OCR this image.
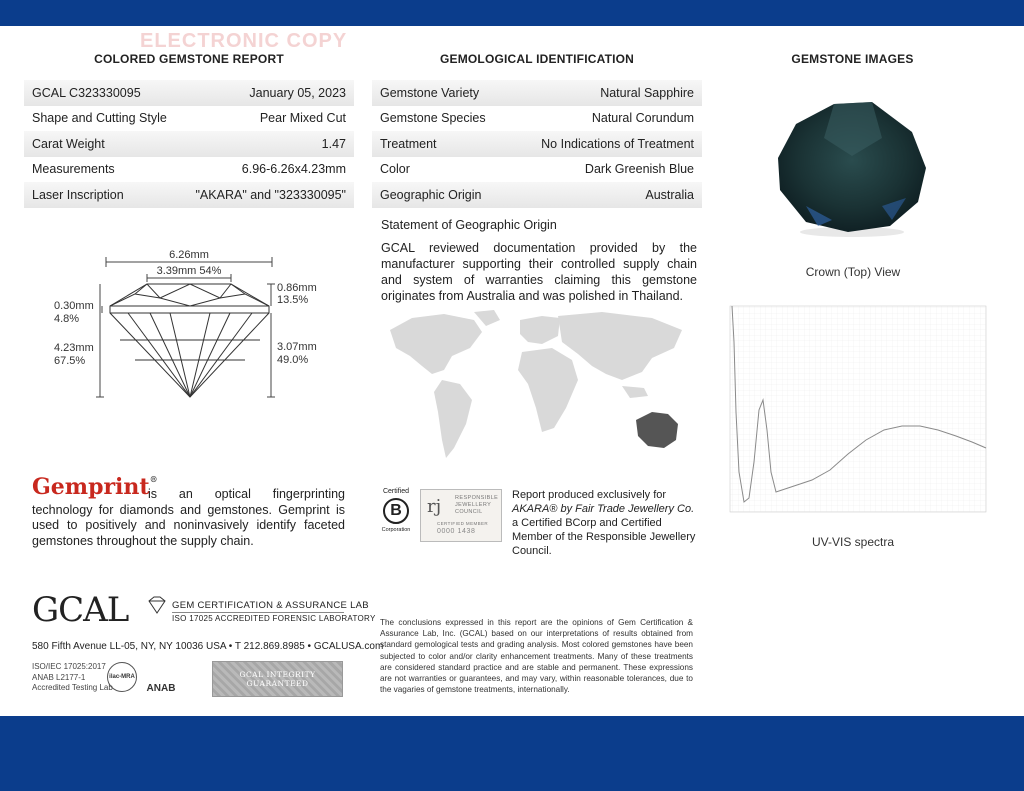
ELECTRONIC COPY
COLORED GEMSTONE REPORT	GEMOLOGICAL IDENTIFICATION	GEMSTONE IMAGES
GCAL C323330095	January 05, 2023
Shape and Cutting Style	Pear Mixed Cut
Carat Weight	1.47
Measurements	6.96-6.26x4.23mm
Laser Inscription	"AKARA" and "323330095"
Gemstone Variety	Natural Sapphire
Gemstone Species	Natural Corundum
Treatment	No Indications of Treatment
Color	Dark Greenish Blue
Geographic Origin	Australia
6.26mm
3.39mm 54%
0.86mm
13.5%
3.07mm
49.0%
0.30mm
4.8%
4.23mm
67.5%
Statement of Geographic Origin
GCAL reviewed documentation provided by the manufacturer supporting their controlled supply chain and system of warranties claiming this gemstone originates from Australia and was polished in Thailand.
Gemprint®
is an optical fingerprinting technology for diamonds and gemstones. Gemprint is used to positively and noninvasively identify faceted gemstones throughout the supply chain.
Certified
B
Corporation
rj	RESPONSIBLE JEWELLERY COUNCIL
CERTIFIED MEMBER
0000 1438
Report produced exclusively for
AKARA® by Fair Trade Jewellery Co.
a Certified BCorp and Certified Member of the Responsible Jewellery Council.
GCAL	GEM CERTIFICATION & ASSURANCE LAB
ISO 17025 ACCREDITED FORENSIC LABORATORY
580 Fifth Avenue LL-05, NY, NY 10036 USA • T 212.869.8985 • GCALUSA.com
ISO/IEC 17025:2017
ANAB L2177-1
Accredited Testing Lab
ilac-MRA
ANAB
GCAL INTEGRITY GUARANTEED
The conclusions expressed in this report are the opinions of Gem Certification & Assurance Lab, Inc. (GCAL) based on our interpretations of results obtained from standard gemological tests and grading analysis. Most colored gemstones have been subjected to color and/or clarity enhancement treatments. Many of these treatments are considered standard practice and are stable and permanent. These expressions are not warranties or guarantees, and may vary, within reasonable tolerances, due to the vagaries of gemstone treatments, internationally.
Crown (Top) View
UV-VIS spectra
